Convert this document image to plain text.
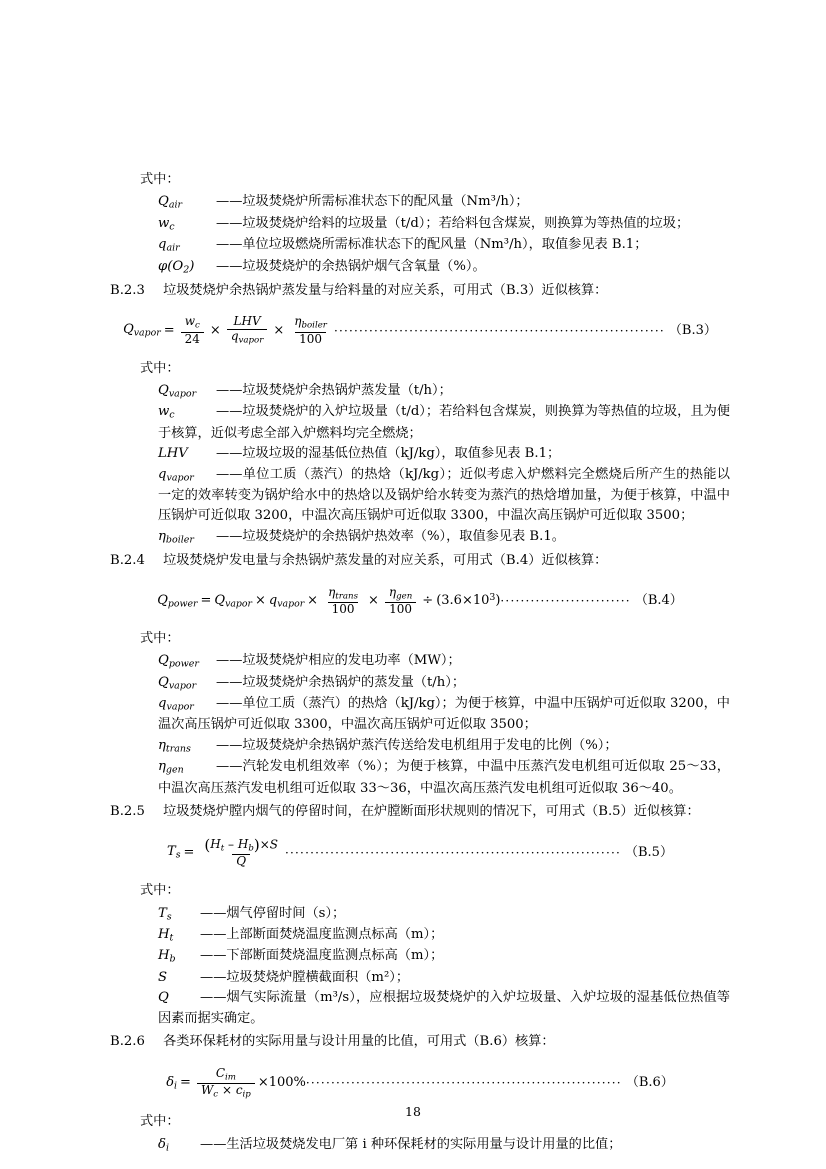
式中：
$Q_{air}$	——垃圾焚烧炉所需标准状态下的配风量（Nm³/h）；
$w_c$	——垃圾焚烧炉给料的垃圾量（t/d）；若给料包含煤炭，则换算为等热值的垃圾；
$q_{air}$	——单位垃圾燃烧所需标准状态下的配风量（Nm³/h），取值参见表 B.1；
$\varphi(O_2)$ ——垃圾焚烧炉的余热锅炉烟气含氧量（%）。
B.2.3 垃圾焚烧炉余热锅炉蒸发量与给料量的对应关系，可用式（B.3）近似核算：
$Q_{vapor} = \frac{w_c}{24} \times \frac{\text{LHV}}{q_{vapor}} \times \frac{\eta_{boiler}}{100}$ ·································································· （B.3）
式中：
$Q_{vapor}$ ——垃圾焚烧炉余热锅炉蒸发量（t/h）；
$w_c$	——垃圾焚烧炉的入炉垃圾量（t/d）；若给料包含煤炭，则换算为等热值的垃圾，且为便于核算，近似考虑全部入炉燃料均完全燃烧；
LHV ——垃圾垃圾的湿基低位热值（kJ/kg），取值参见表 B.1；
$q_{vapor}$ ——单位工质（蒸汽）的热焓（kJ/kg）；近似考虑入炉燃料完全燃烧后所产生的热能以一定的效率转变为锅炉给水中的热焓以及锅炉给水转变为蒸汽的热焓增加量，为便于核算，中温中压锅炉可近似取 3200，中温次高压锅炉可近似取 3300，中温次高压锅炉可近似取 3500；
$\eta_{boiler}$ ——垃圾焚烧炉的余热锅炉热效率（%），取值参见表 B.1。
B.2.4 垃圾焚烧炉发电量与余热锅炉蒸发量的对应关系，可用式（B.4）近似核算：
$Q_{power} = Q_{vapor} \times q_{vapor} \times \frac{\eta_{trans}}{100} \times \frac{\eta_{gen}}{100} \div (3.6\times 10^3)$ ·························· （B.4）
式中：
$Q_{power}$ ——垃圾焚烧炉相应的发电功率（MW）；
$Q_{vapor}$ ——垃圾焚烧炉余热锅炉的蒸发量（t/h）；
$q_{vapor}$ ——单位工质（蒸汽）的热焓（kJ/kg）；为便于核算，中温中压锅炉可近似取 3200，中温次高压锅炉可近似取 3300，中温次高压锅炉可近似取 3500；
$\eta_{trans}$ ——垃圾焚烧炉余热锅炉蒸汽传送给发电机组用于发电的比例（%）；
$\eta_{gen}$ ——汽轮发电机组效率（%）；为便于核算，中温中压蒸汽发电机组可近似取 25～33，中温次高压蒸汽发电机组可近似取 33～36，中温次高压蒸汽发电机组可近似取 36～40。
B.2.5 垃圾焚烧炉膛内烟气的停留时间，在炉膛断面形状规则的情况下，可用式（B.5）近似核算：
$T_s = \frac{(H_t - H_b)\times S}{Q}$ ··································································· （B.5）
式中：
$T_s$ ——烟气停留时间（s）；
$H_t$ ——上部断面焚烧温度监测点标高（m）；
$H_b$ ——下部断面焚烧温度监测点标高（m）；
S ——垃圾焚烧炉膛横截面积（m²）；
Q ——烟气实际流量（m³/s），应根据垃圾焚烧炉的入炉垃圾量、入炉垃圾的湿基低位热值等因素而据实确定。
B.2.6 各类环保耗材的实际用量与设计用量的比值，可用式（B.6）核算：
$\delta_i = \frac{C_{im}}{W_c \times c_{ip}} \times 100\%$ ······························································· （B.6）
式中：
$\delta_i$ ——生活垃圾焚烧发电厂第 i 种环保耗材的实际用量与设计用量的比值；
18
